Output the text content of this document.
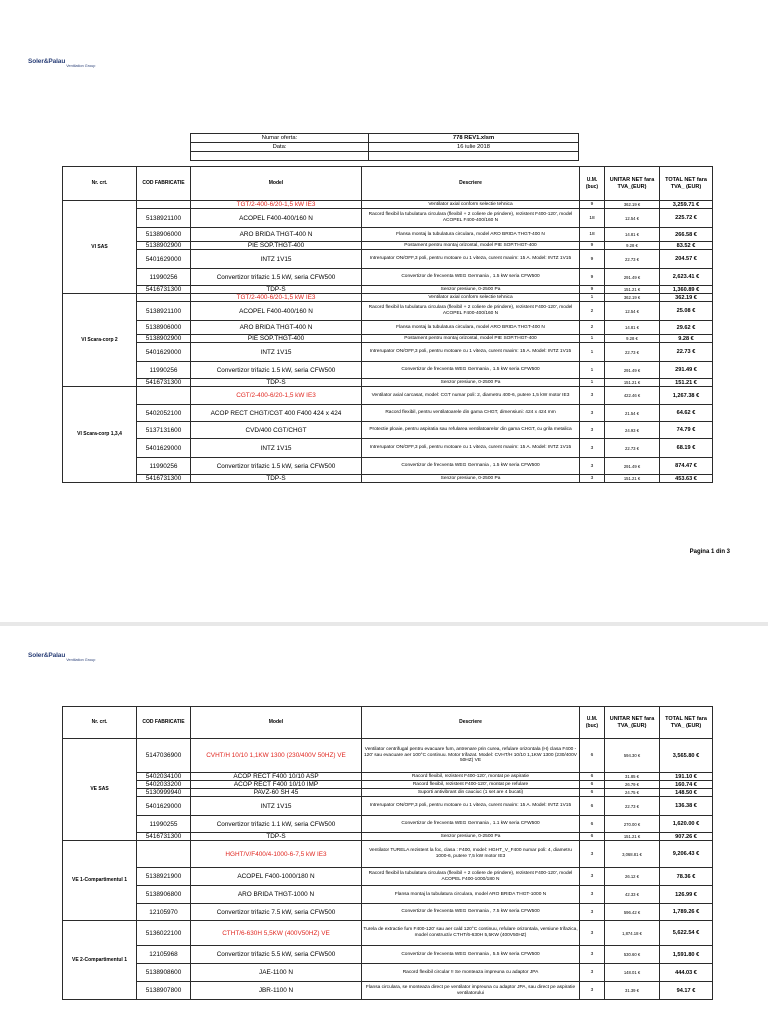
Soler&Palau
Ventilation Group
Numar oferta:	778 REV1.xlsm
Data:	16 iulie 2018

Nr. crt.	COD FABRICATIE	Model	Descriere	U.M. (buc)	UNITAR NET fara TVA_(EUR)	TOTAL NET fara TVA_ (EUR)
VI SAS		TGT/2-400-6/20-1,5 kW IE3	Ventilator axial conform selectie tehnica	9	362.19 €	3,259.71 €
	5138921100	ACOPEL F400-400/160 N	Racord flexibil la tubulatura circulara (flexibil + 2 coliere de prindere), rezistent F400-120', model ACOPEL F400-400/160 N	18	12.54 €	225.72 €
	5138906000	ARO BRIDA THGT-400 N	Flansa montaj la tubulatura circulara, model ARO BRIDA THGT-400 N	18	14.81 €	266.58 €
	5138902900	PIE SOP.THGT-400	Postament pentru montaj orizontal, model PIE SOP.THGT-400	9	9.28 €	83.52 €
	5401629000	INTZ 1V15	Intrerupator ON/OFF,3 poli, pentru motoare cu 1 viteza, curent maxim: 15 A. Model: INTZ 1V15	9	22.73 €	204.57 €
	11990256	Convertizor trifazic 1.5 kW, seria CFW500	Convertizor de frecventa WEG Germania , 1.5 kW seria CFW500	9	291.49 €	2,623.41 €
	5416731300	TDP-S	Senzor presiune, 0-2500 Pa	9	151.21 €	1,360.89 €
VI Scara-corp 2		TGT/2-400-6/20-1,5 kW IE3	Ventilator axial conform selectie tehnica	1	362.19 €	362.19 €
	5138921100	ACOPEL F400-400/160 N	Racord flexibil la tubulatura circulara (flexibil + 2 coliere de prindere), rezistent F400-120', model ACOPEL F400-400/160 N	2	12.54 €	25.08 €
	5138906000	ARO BRIDA THGT-400 N	Flansa montaj la tubulatura circulara, model ARO BRIDA THGT-400 N	2	14.81 €	29.62 €
	5138902900	PIE SOP.THGT-400	Postament pentru montaj orizontal, model PIE SOP.THGT-400	1	9.28 €	9.28 €
	5401629000	INTZ 1V15	Intrerupator ON/OFF,3 poli, pentru motoare cu 1 viteza, curent maxim: 15 A. Model: INTZ 1V15	1	22.73 €	22.73 €
	11990256	Convertizor trifazic 1.5 kW, seria CFW500	Convertizor de frecventa WEG Germania , 1.5 kW seria CFW500	1	291.49 €	291.49 €
	5416731300	TDP-S	Senzor presiune, 0-2500 Pa	1	151.21 €	151.21 €
VI Scara-corp 1,3,4		CGT/2-400-6/20-1,5 kW IE3	Ventilator axial carcasat, model: CGT numar poli: 2, diametru 400-6, putere 1,5 kW motor IE3	3	422.46 €	1,267.38 €
	5402052100	ACOP RECT CHGT/CGT 400 F400 424 x 424	Racord flexibil, pentru ventilatoarele din gama CHGT, dimensiuni: 424 x 424 mm	3	21.54 €	64.62 €
	5137131600	CVD/400 CGT/CHGT	Protectie ploaie, pentru aspiratia sau refularea ventilatoarelor din gama CHGT, cu grila metalica	3	24.93 €	74.79 €
	5401629000	INTZ 1V15	Intrerupator ON/OFF,3 poli, pentru motoare cu 1 viteza, curent maxim: 15 A. Model: INTZ 1V15	3	22.73 €	68.19 €
	11990256	Convertizor trifazic 1.5 kW, seria CFW500	Convertizor de frecventa WEG Germania , 1.5 kW seria CFW500	3	291.49 €	874.47 €
	5416731300	TDP-S	Senzor presiune, 0-2500 Pa	3	151.21 €	453.63 €
Pagina 1 din 3
Soler&Palau
Ventilation Group
Nr. crt.	COD FABRICATIE	Model	Descriere	U.M. (buc)	UNITAR NET fara TVA_(EUR)	TOTAL NET fara TVA_ (EUR)
VE SAS	5147036900	CVHT/H 10/10 1,1KW 1300 (230/400V 50HZ) VE	Ventilator centrifugal pentru evacuare fum, antrenare prin curea, refulare orizontala (H) clasa F400 - 120' sau evacuare aer 100°C continuu. Motor trifazat. Model: CVHT/H 10/10 1,1KW 1300 (230/400V 50HZ) VE	6	594.30 €	3,565.80 €
	5402034100	ACOP RECT F400 10/10 ASP	Racord flexibil, rezistent F400-120', montat pe aspiratie	6	31.85 €	191.10 €
	5402033200	ACOP RECT F400 10/10 IMP	Racord flexibil, rezistent F400-120', montat pe refulare	6	26.79 €	160.74 €
	5130999940	PAVZ-60 SH 45	Suporti antivibrant din cauciuc (1 set are 4 bucati)	6	24.75 €	148.50 €
	5401629000	INTZ 1V15	Intrerupator ON/OFF,3 poli, pentru motoare cu 1 viteza, curent maxim: 15 A. Model: INTZ 1V15	6	22.73 €	136.38 €
	11990255	Convertizor trifazic 1.1 kW, seria CFW500	Convertizor de frecventa WEG Germania , 1.1 kW seria CFW500	6	270.00 €	1,620.00 €
	5416731300	TDP-S	Senzor presiune, 0-2500 Pa	6	151.21 €	907.26 €
VE 1-Compartimentul 1		HGHT/V/F400/4-1000-6-7,5 kW IE3	Ventilator TURELA rezistent la foc, clasa : F400, model: HGHT_V_F400 numar poli: 4, diametru 1000-6, putere 7,5 kW motor IE3	3	3,068.81 €	9,206.43 €
	5138921900	ACOPEL F400-1000/180 N	Racord flexibil la tubulatura circulara (flexibil + 2 coliere de prindere), rezistent F400-120', model ACOPEL F400-1000/180 N	3	26.12 €	78.36 €
	5138906800	ARO BRIDA THGT-1000 N	Flansa montaj la tubulatura circulara, model ARO BRIDA THGT-1000 N	3	42.33 €	126.99 €
	12105970	Convertizor trifazic 7.5 kW, seria CFW500	Convertizor de frecventa WEG Germania , 7.5 kW seria CFW500	3	596.42 €	1,789.26 €
VE 2-Compartimentul 1	5136022100	CTHT/6-630H 5,5KW (400V50HZ) VE	Turela de extractie fum F400-120' sau aer cald 120°C continuu, refulare orizontala, versiune trifazica, model constructiv CTHT/6-630H 5,5KW (400V50HZ)	3	1,874.18 €	5,622.54 €
	12105968	Convertizor trifazic 5.5 kW, seria CFW500	Convertizor de frecventa WEG Germania , 5.5 kW seria CFW500	3	530.60 €	1,591.80 €
	5138908600	JAE-1100 N	Racord flexibil circular !! Se monteaza impreuna cu adaptor JPA	3	148.01 €	444.03 €
	5138907800	JBR-1100 N	Flansa circulara, se monteaza direct pe ventilator impreuna cu adaptor JPA, sau direct pe aspiratie ventilatorului	3	31.39 €	94.17 €
